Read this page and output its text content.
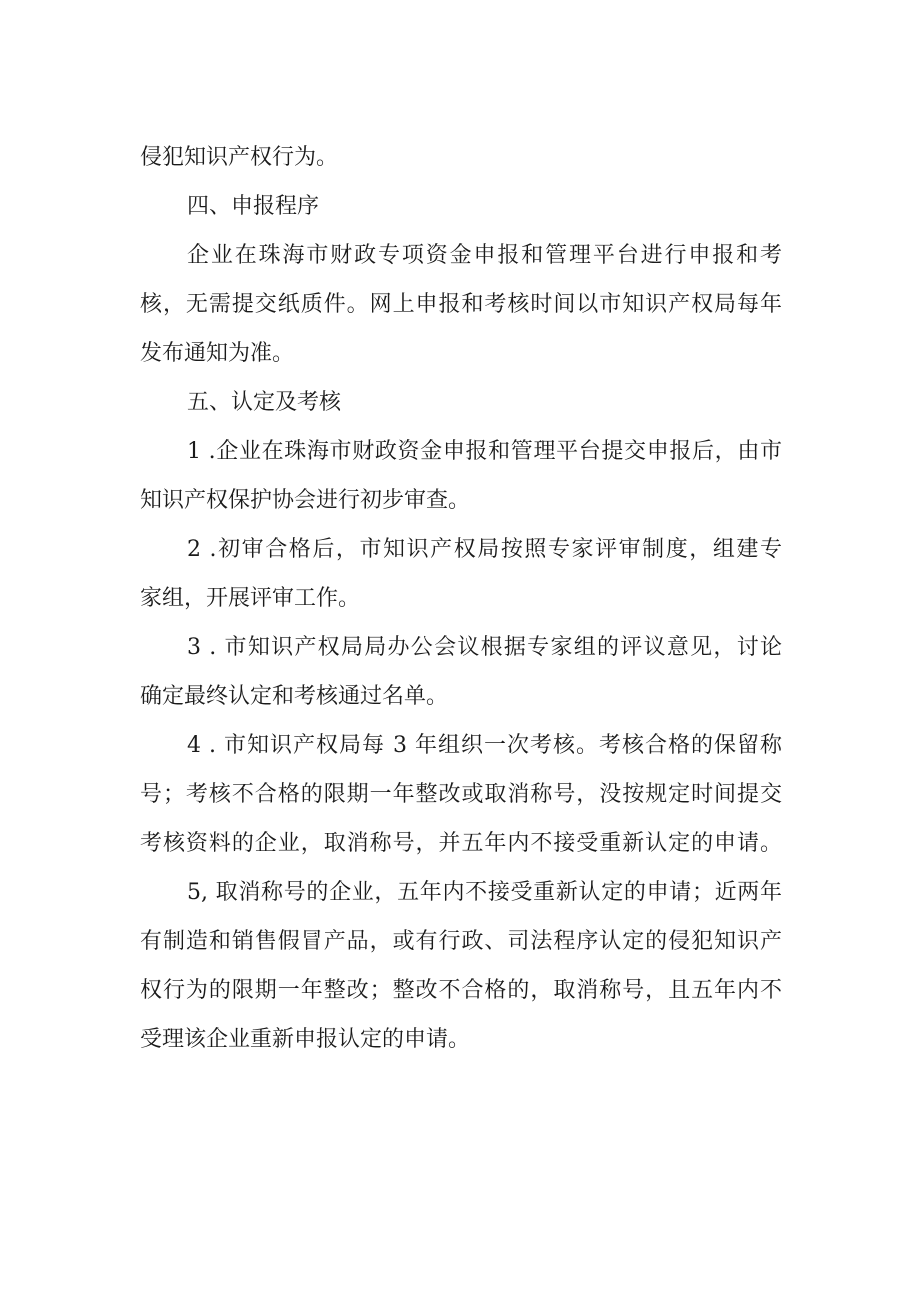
侵犯知识产权行为。
四、申报程序
企业在珠海市财政专项资金申报和管理平台进行申报和考
核，无需提交纸质件。网上申报和考核时间以市知识产权局每年
发布通知为准。
五、认定及考核
1 .企业在珠海市财政资金申报和管理平台提交申报后，由市
知识产权保护协会进行初步审查。
2 .初审合格后，市知识产权局按照专家评审制度，组建专
家组，开展评审工作。
3 . 市知识产权局局办公会议根据专家组的评议意见，讨论
确定最终认定和考核通过名单。
4 . 市知识产权局每 3 年组织一次考核。考核合格的保留称
号；考核不合格的限期一年整改或取消称号，没按规定时间提交
考核资料的企业，取消称号，并五年内不接受重新认定的申请。
5, 取消称号的企业，五年内不接受重新认定的申请；近两年
有制造和销售假冒产品，或有行政、司法程序认定的侵犯知识产
权行为的限期一年整改；整改不合格的，取消称号，且五年内不
受理该企业重新申报认定的申请。
